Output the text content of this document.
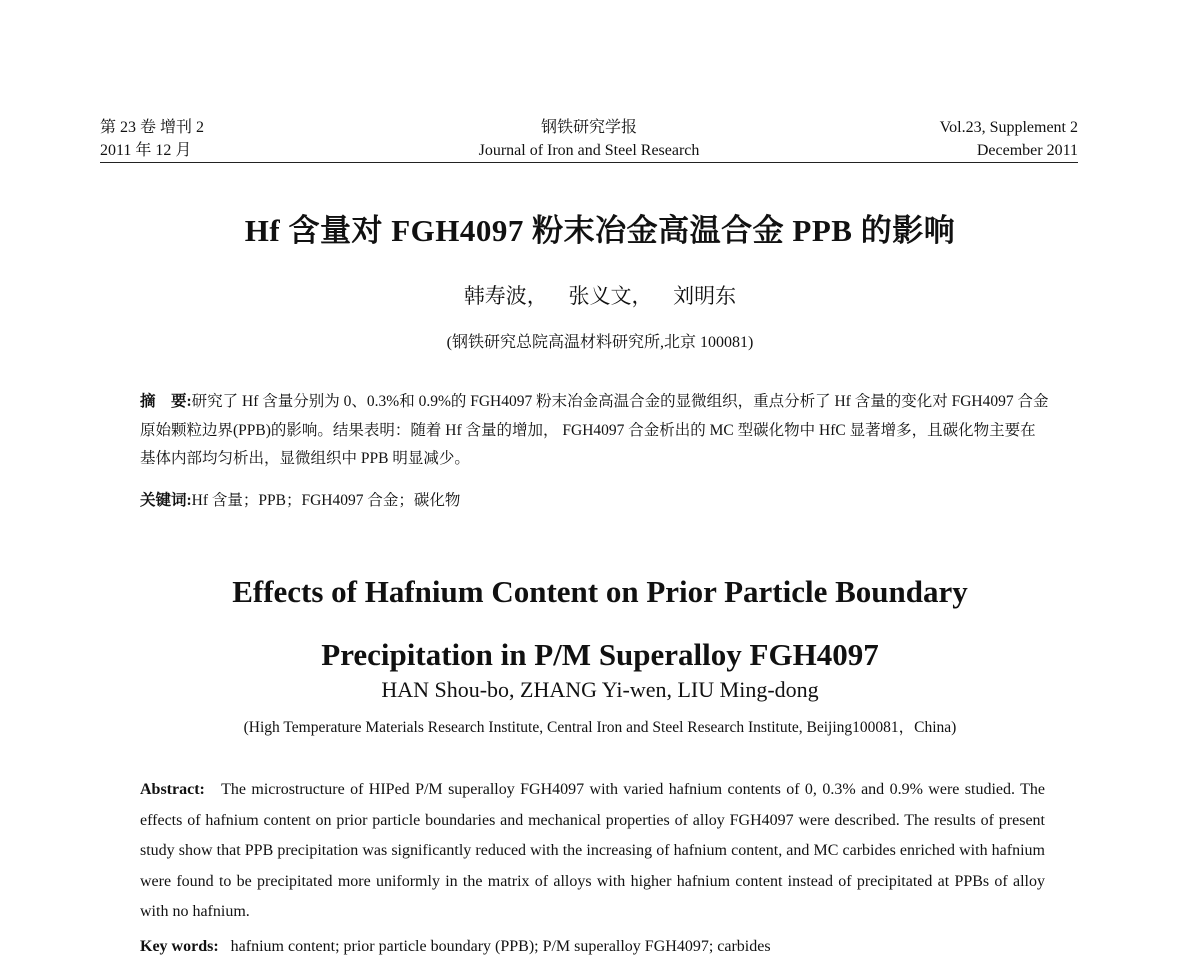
第 23 卷 增刊 2
2011 年 12 月
钢铁研究学报
Journal of Iron and Steel Research
Vol.23, Supplement 2
December 2011
Hf 含量对 FGH4097 粉末冶金高温合金 PPB 的影响
韩寿波， 张义文， 刘明东
(钢铁研究总院高温材料研究所,北京 100081)
摘　要:研究了 Hf 含量分别为 0、0.3%和 0.9%的 FGH4097 粉末冶金高温合金的显微组织，重点分析了 Hf 含量的变化对 FGH4097 合金原始颗粒边界(PPB)的影响。结果表明：随着 Hf 含量的增加， FGH4097 合金析出的 MC 型碳化物中 HfC 显著增多，且碳化物主要在基体内部均匀析出，显微组织中 PPB 明显减少。
关键词:Hf 含量；PPB；FGH4097 合金；碳化物
Effects of Hafnium Content on Prior Particle Boundary
Precipitation in P/M Superalloy FGH4097
HAN Shou-bo, ZHANG Yi-wen, LIU Ming-dong
(High Temperature Materials Research Institute, Central Iron and Steel Research Institute, Beijing100081，China)
Abstract: The microstructure of HIPed P/M superalloy FGH4097 with varied hafnium contents of 0, 0.3% and 0.9% were studied. The effects of hafnium content on prior particle boundaries and mechanical properties of alloy FGH4097 were described. The results of present study show that PPB precipitation was significantly reduced with the increasing of hafnium content, and MC carbides enriched with hafnium were found to be precipitated more uniformly in the matrix of alloys with higher hafnium content instead of precipitated at PPBs of alloy with no hafnium.
Key words: hafnium content; prior particle boundary (PPB); P/M superalloy FGH4097; carbides
